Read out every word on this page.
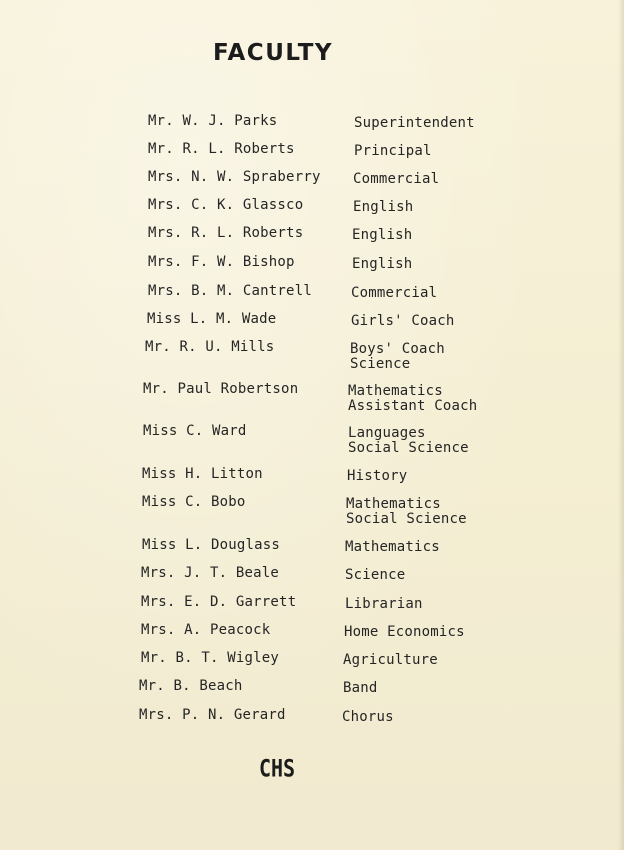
FACULTY
Mr. W. J. Parks	Superintendent
Mr. R. L. Roberts	Principal
Mrs. N. W. Spraberry Commercial
Mrs. C. K. Glassco	English
Mrs. R. L. Roberts	English
Mrs. F. W. Bishop	English
Mrs. B. M. Cantrell	Commercial
Miss L. M. Wade	Girls' Coach
Mr. R. U. Mills	Boys' Coach
Science
Mr. Paul Robertson	Mathematics
Assistant Coach
Miss C. Ward	Languages
Social Science
Miss H. Litton	History
Miss C. Bobo	Mathematics
Social Science
Miss L. Douglass	Mathematics
Mrs. J. T. Beale	Science
Mrs. E. D. Garrett	Librarian
Mrs. A. Peacock	Home Economics
Mr. B. T. Wigley	Agriculture
Mr. B. Beach	Band
Mrs. P. N. Gerard	Chorus
CHS
